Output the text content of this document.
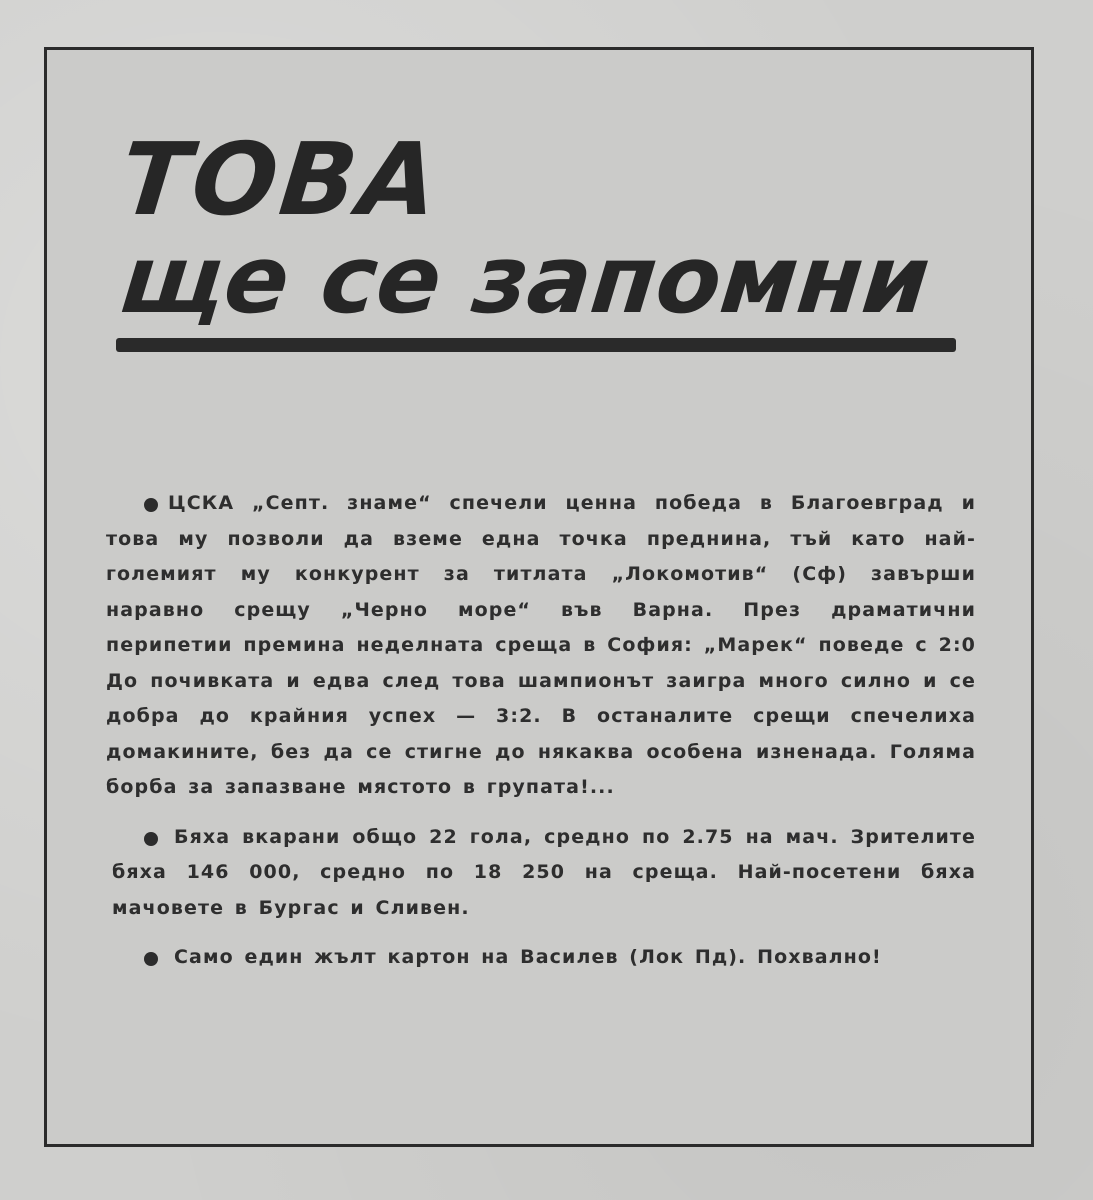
ТОВА
ще се запомни

ЦСКА „Септ. знаме“ спечели ценна победа в Благоевград и това му позволи да вземе една точка преднина, тъй като най-големият му конкурент за титлата „Локомотив“ (Сф) завърши наравно срещу „Черно море“ във Варна. През драматични перипетии премина неделната среща в София: „Марек“ поведе с 2:0 До почивката и едва след това шампионът заигра много силно и се добра до крайния успех — 3:2. В останалите срещи спечелиха домакините, без да се стигне до някаква особена изненада. Голяма борба за запазване мястото в групата!...

Бяха вкарани общо 22 гола, средно по 2.75 на мач. Зрителите бяха 146 000, средно по 18 250 на среща. Най-посетени бяха мачовете в Бургас и Сливен.

Само един жълт картон на Василев (Лок Пд). Похвално!
